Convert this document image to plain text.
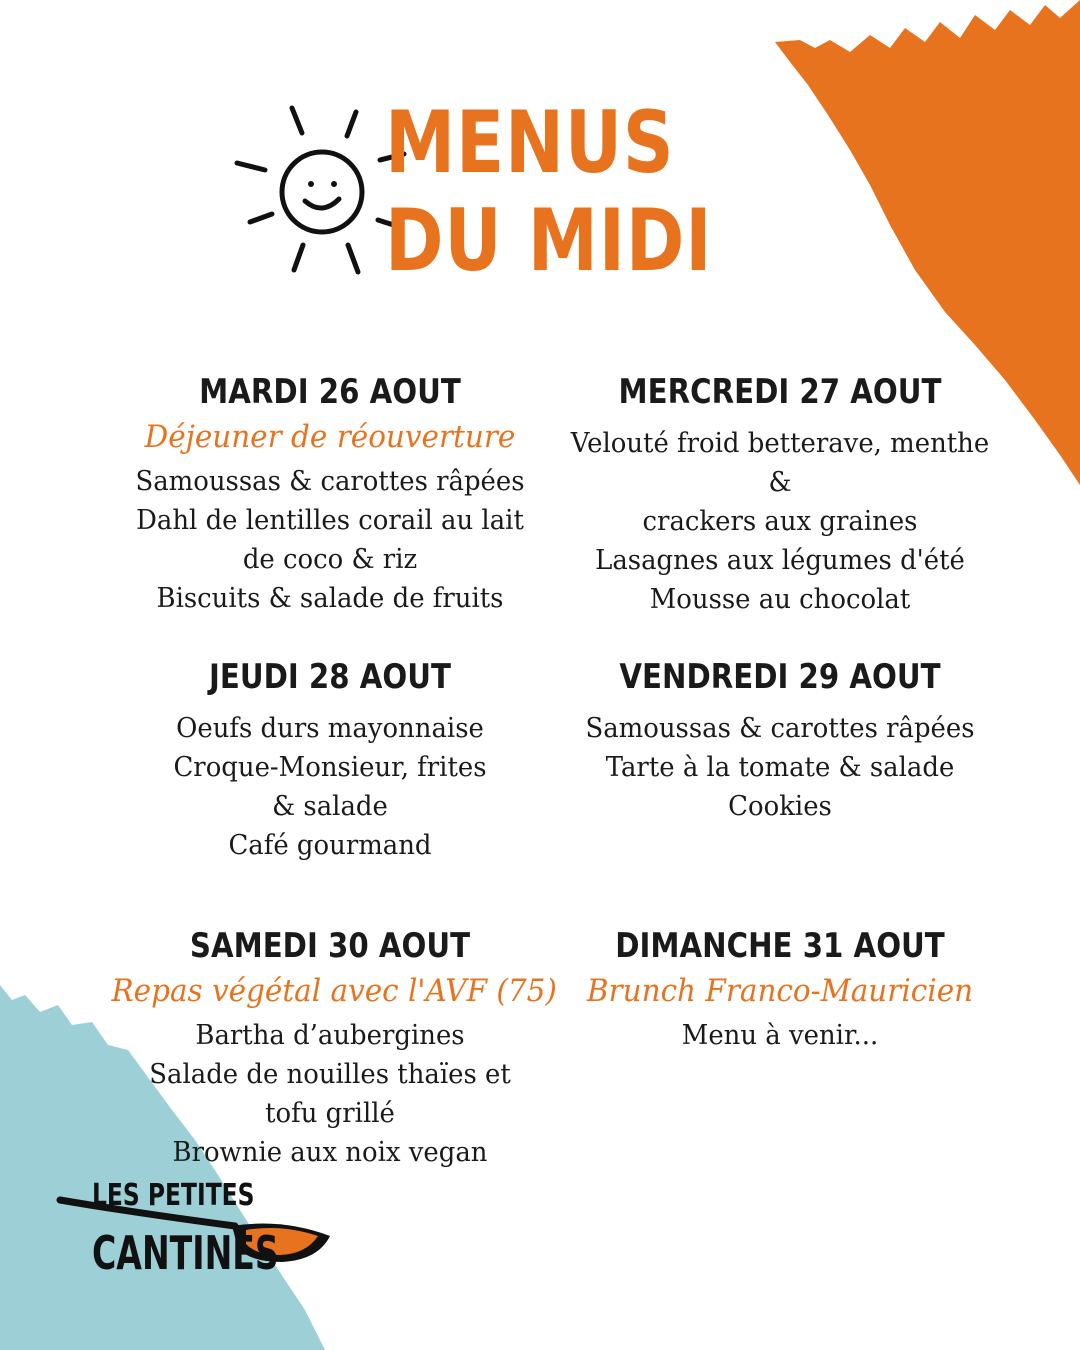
MENUS
DU MIDI
MARDI 26 AOUT
Déjeuner de réouverture
Samoussas & carottes râpées
Dahl de lentilles corail au lait
de coco & riz
Biscuits & salade de fruits
MERCREDI 27 AOUT
Velouté froid betterave, menthe &
crackers aux graines
Lasagnes aux légumes d'été
Mousse au chocolat
JEUDI 28 AOUT
Oeufs durs mayonnaise
Croque-Monsieur, frites
& salade
Café gourmand
VENDREDI 29 AOUT
Samoussas & carottes râpées
Tarte à la tomate & salade
Cookies
SAMEDI 30 AOUT
Repas végétal avec l'AVF (75)
Bartha d’aubergines
Salade de nouilles thaïes et
tofu grillé
Brownie aux noix vegan
DIMANCHE 31 AOUT
Brunch Franco-Mauricien
Menu à venir...
LES PETITES
CANTINES
